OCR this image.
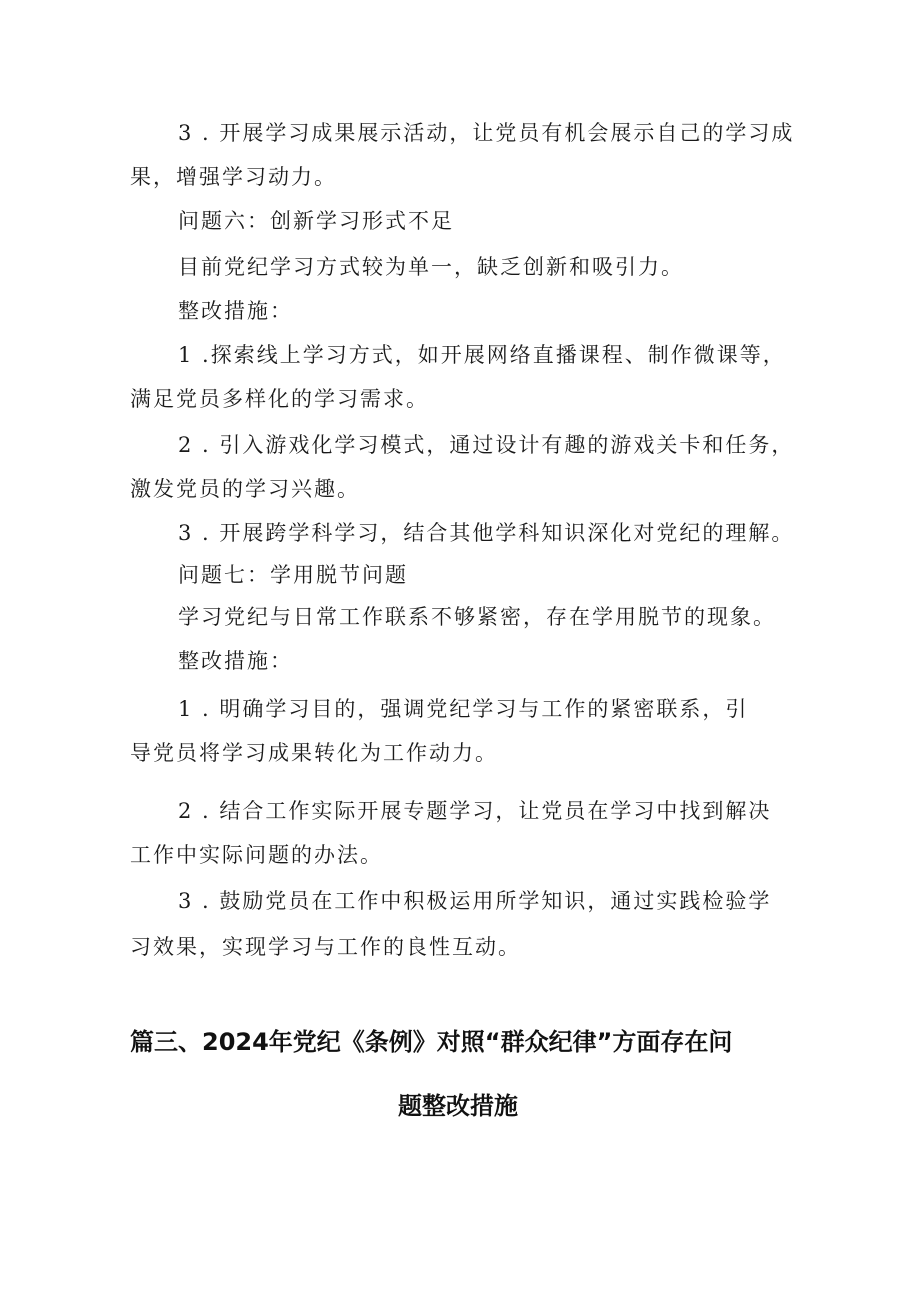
3 . 开展学习成果展示活动，让党员有机会展示自己的学习成
果，增强学习动力。
问题六：创新学习形式不足
目前党纪学习方式较为单一，缺乏创新和吸引力。
整改措施：
1 .探索线上学习方式，如开展网络直播课程、制作微课等，
满足党员多样化的学习需求。
2 . 引入游戏化学习模式，通过设计有趣的游戏关卡和任务，
激发党员的学习兴趣。
3 . 开展跨学科学习，结合其他学科知识深化对党纪的理解。
问题七：学用脱节问题
学习党纪与日常工作联系不够紧密，存在学用脱节的现象。
整改措施：
1 . 明确学习目的，强调党纪学习与工作的紧密联系，引
导党员将学习成果转化为工作动力。
2 . 结合工作实际开展专题学习，让党员在学习中找到解决
工作中实际问题的办法。
3 . 鼓励党员在工作中积极运用所学知识，通过实践检验学
习效果，实现学习与工作的良性互动。
篇三、2024年党纪《条例》对照“群众纪律”方面存在问
题整改措施
